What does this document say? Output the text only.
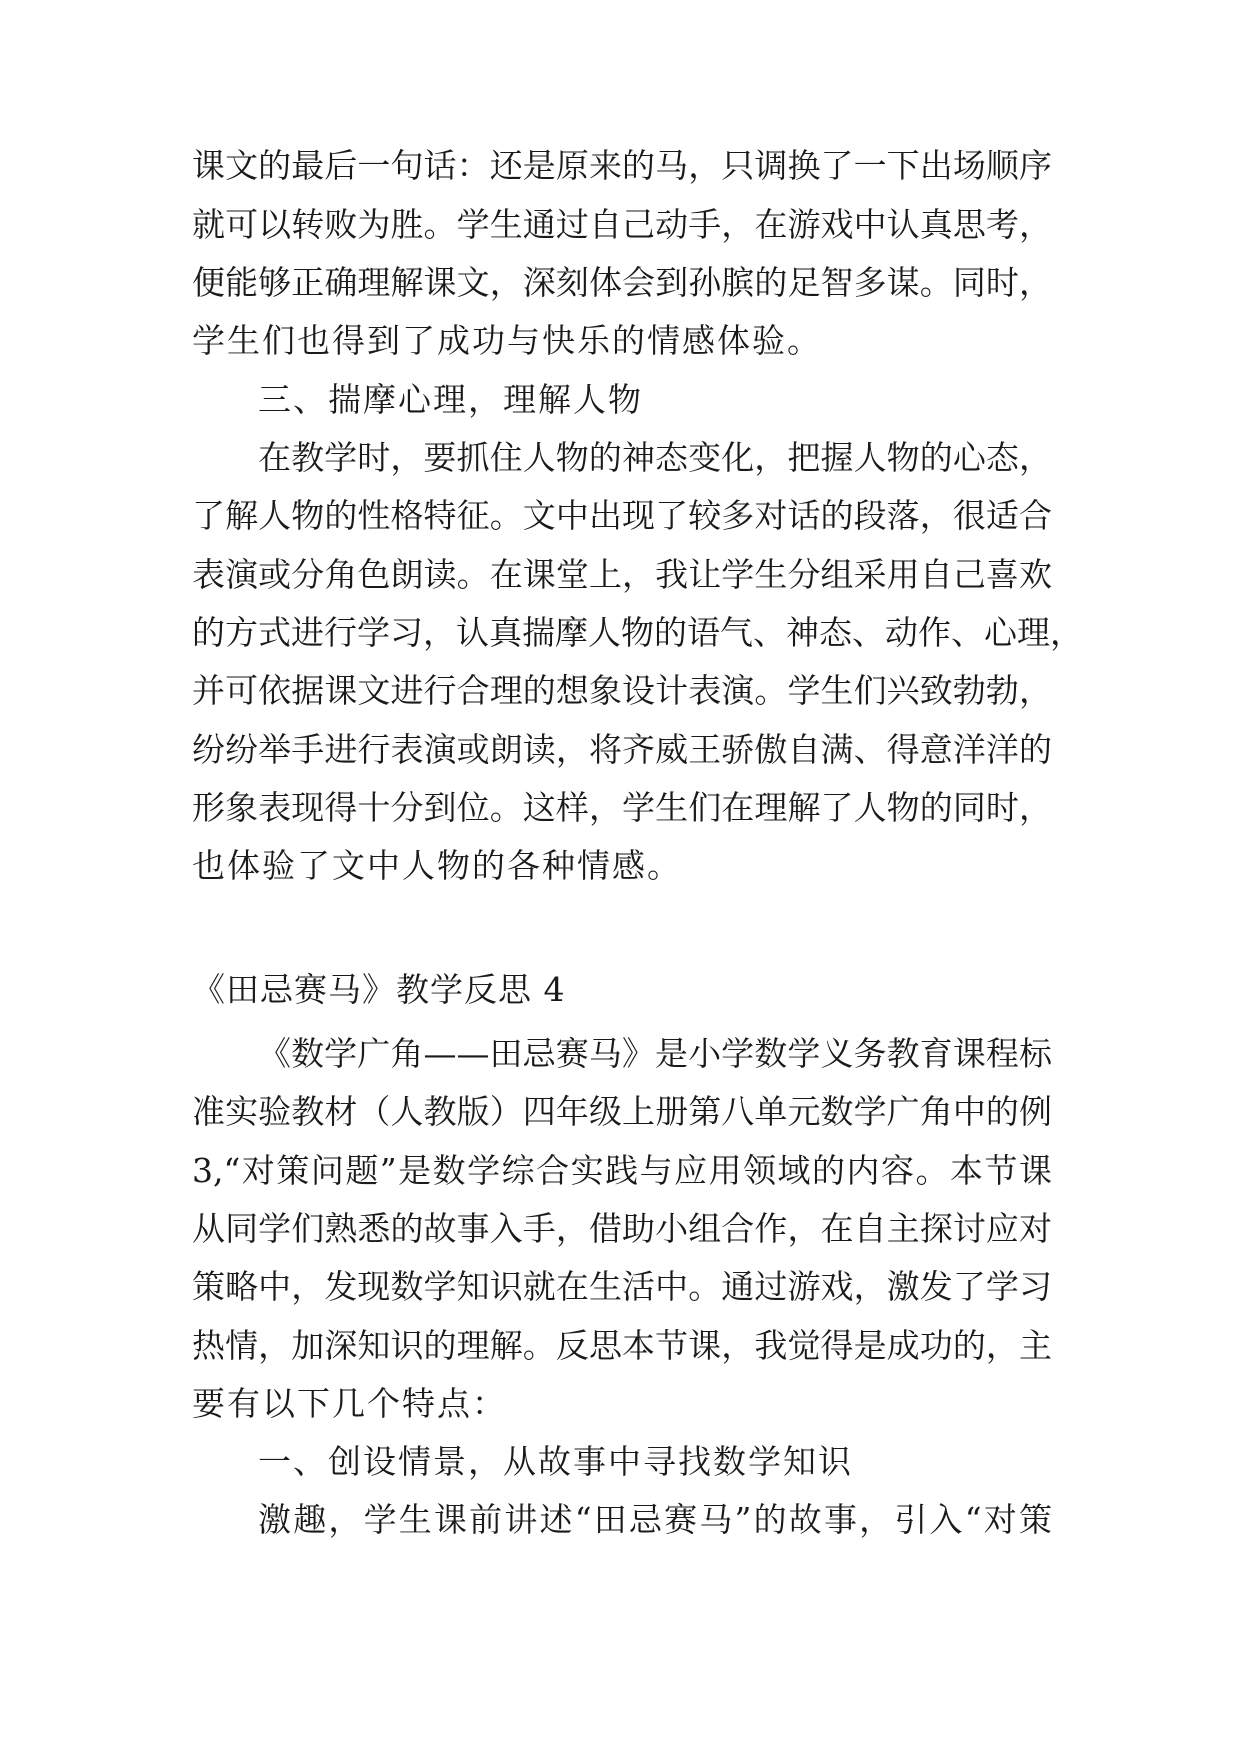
课文的最后一句话：还是原来的马，只调换了一下出场顺序
就可以转败为胜。学生通过自己动手，在游戏中认真思考，
便能够正确理解课文，深刻体会到孙膑的足智多谋。同时，
学生们也得到了成功与快乐的情感体验。
三、揣摩心理，理解人物
在教学时，要抓住人物的神态变化，把握人物的心态，
了解人物的性格特征。文中出现了较多对话的段落，很适合
表演或分角色朗读。在课堂上，我让学生分组采用自己喜欢
的方式进行学习，认真揣摩人物的语气、神态、动作、心理，
并可依据课文进行合理的想象设计表演。学生们兴致勃勃，
纷纷举手进行表演或朗读，将齐威王骄傲自满、得意洋洋的
形象表现得十分到位。这样，学生们在理解了人物的同时，
也体验了文中人物的各种情感。
《田忌赛马》教学反思 4
《数学广角——田忌赛马》是小学数学义务教育课程标
准实验教材（人教版）四年级上册第八单元数学广角中的例
3,“对策问题”是数学综合实践与应用领域的内容。本节课
从同学们熟悉的故事入手，借助小组合作，在自主探讨应对
策略中，发现数学知识就在生活中。通过游戏，激发了学习
热情，加深知识的理解。反思本节课，我觉得是成功的，主
要有以下几个特点：
一、创设情景，从故事中寻找数学知识
激趣，学生课前讲述“田忌赛马”的故事，引入“对策
